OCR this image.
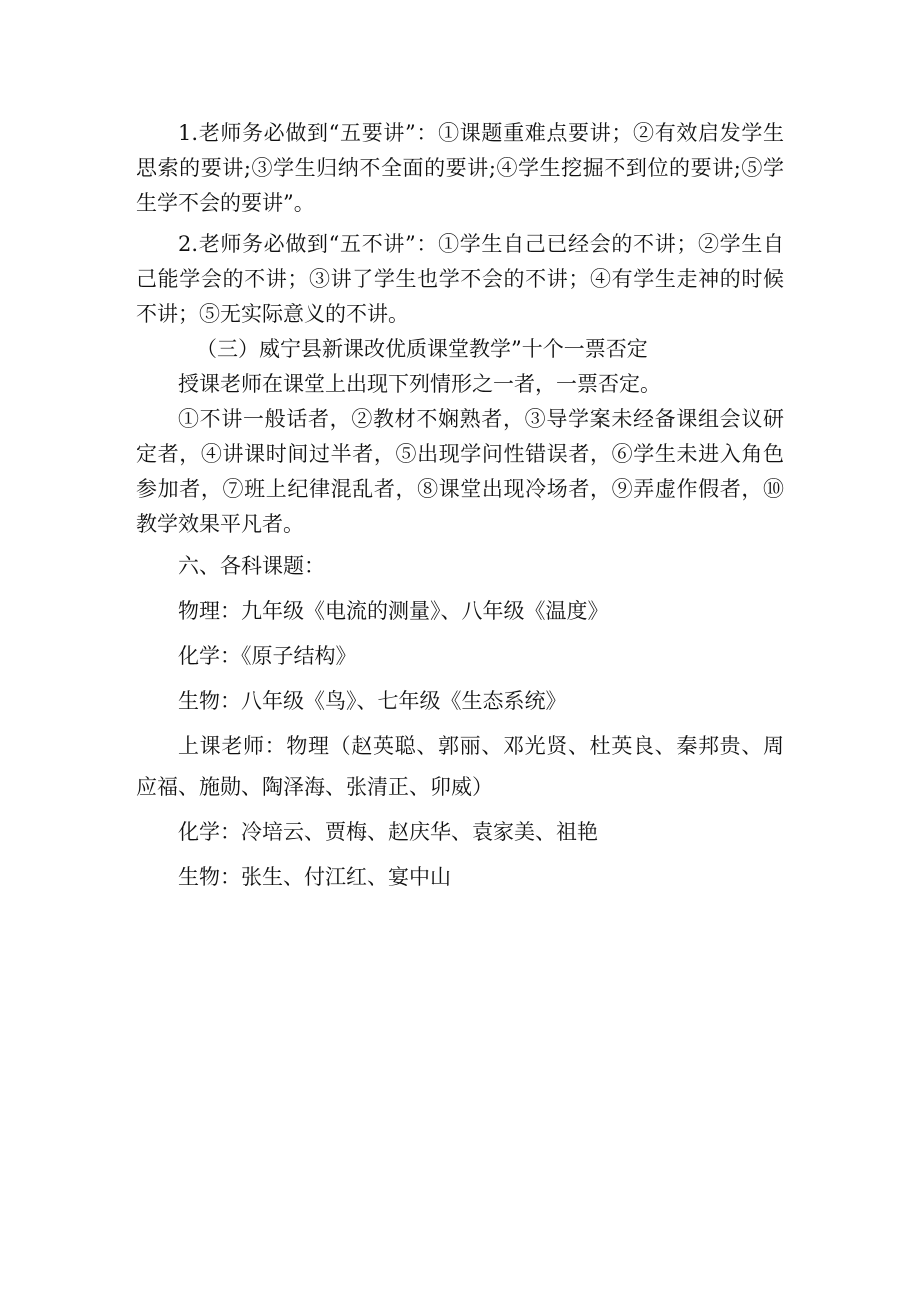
1.老师务必做到“五要讲”：①课题重难点要讲；②有效启发学生思索的要讲;③学生归纳不全面的要讲;④学生挖掘不到位的要讲;⑤学生学不会的要讲”。

2.老师务必做到“五不讲”：①学生自己已经会的不讲；②学生自己能学会的不讲；③讲了学生也学不会的不讲；④有学生走神的时候不讲；⑤无实际意义的不讲。

（三）威宁县新课改优质课堂教学”十个一票否定

授课老师在课堂上出现下列情形之一者，一票否定。

①不讲一般话者，②教材不娴熟者，③导学案未经备课组会议研定者，④讲课时间过半者，⑤出现学问性错误者，⑥学生未进入角色参加者，⑦班上纪律混乱者，⑧课堂出现冷场者，⑨弄虚作假者，⑩教学效果平凡者。

六、各科课题：

物理：九年级《电流的测量》、八年级《温度》

化学：《原子结构》

生物：八年级《鸟》、七年级《生态系统》

上课老师：物理（赵英聪、郭丽、邓光贤、杜英良、秦邦贵、周应福、施勋、陶泽海、张清正、卯威）

化学：冷培云、贾梅、赵庆华、袁家美、祖艳

生物：张生、付江红、宴中山
